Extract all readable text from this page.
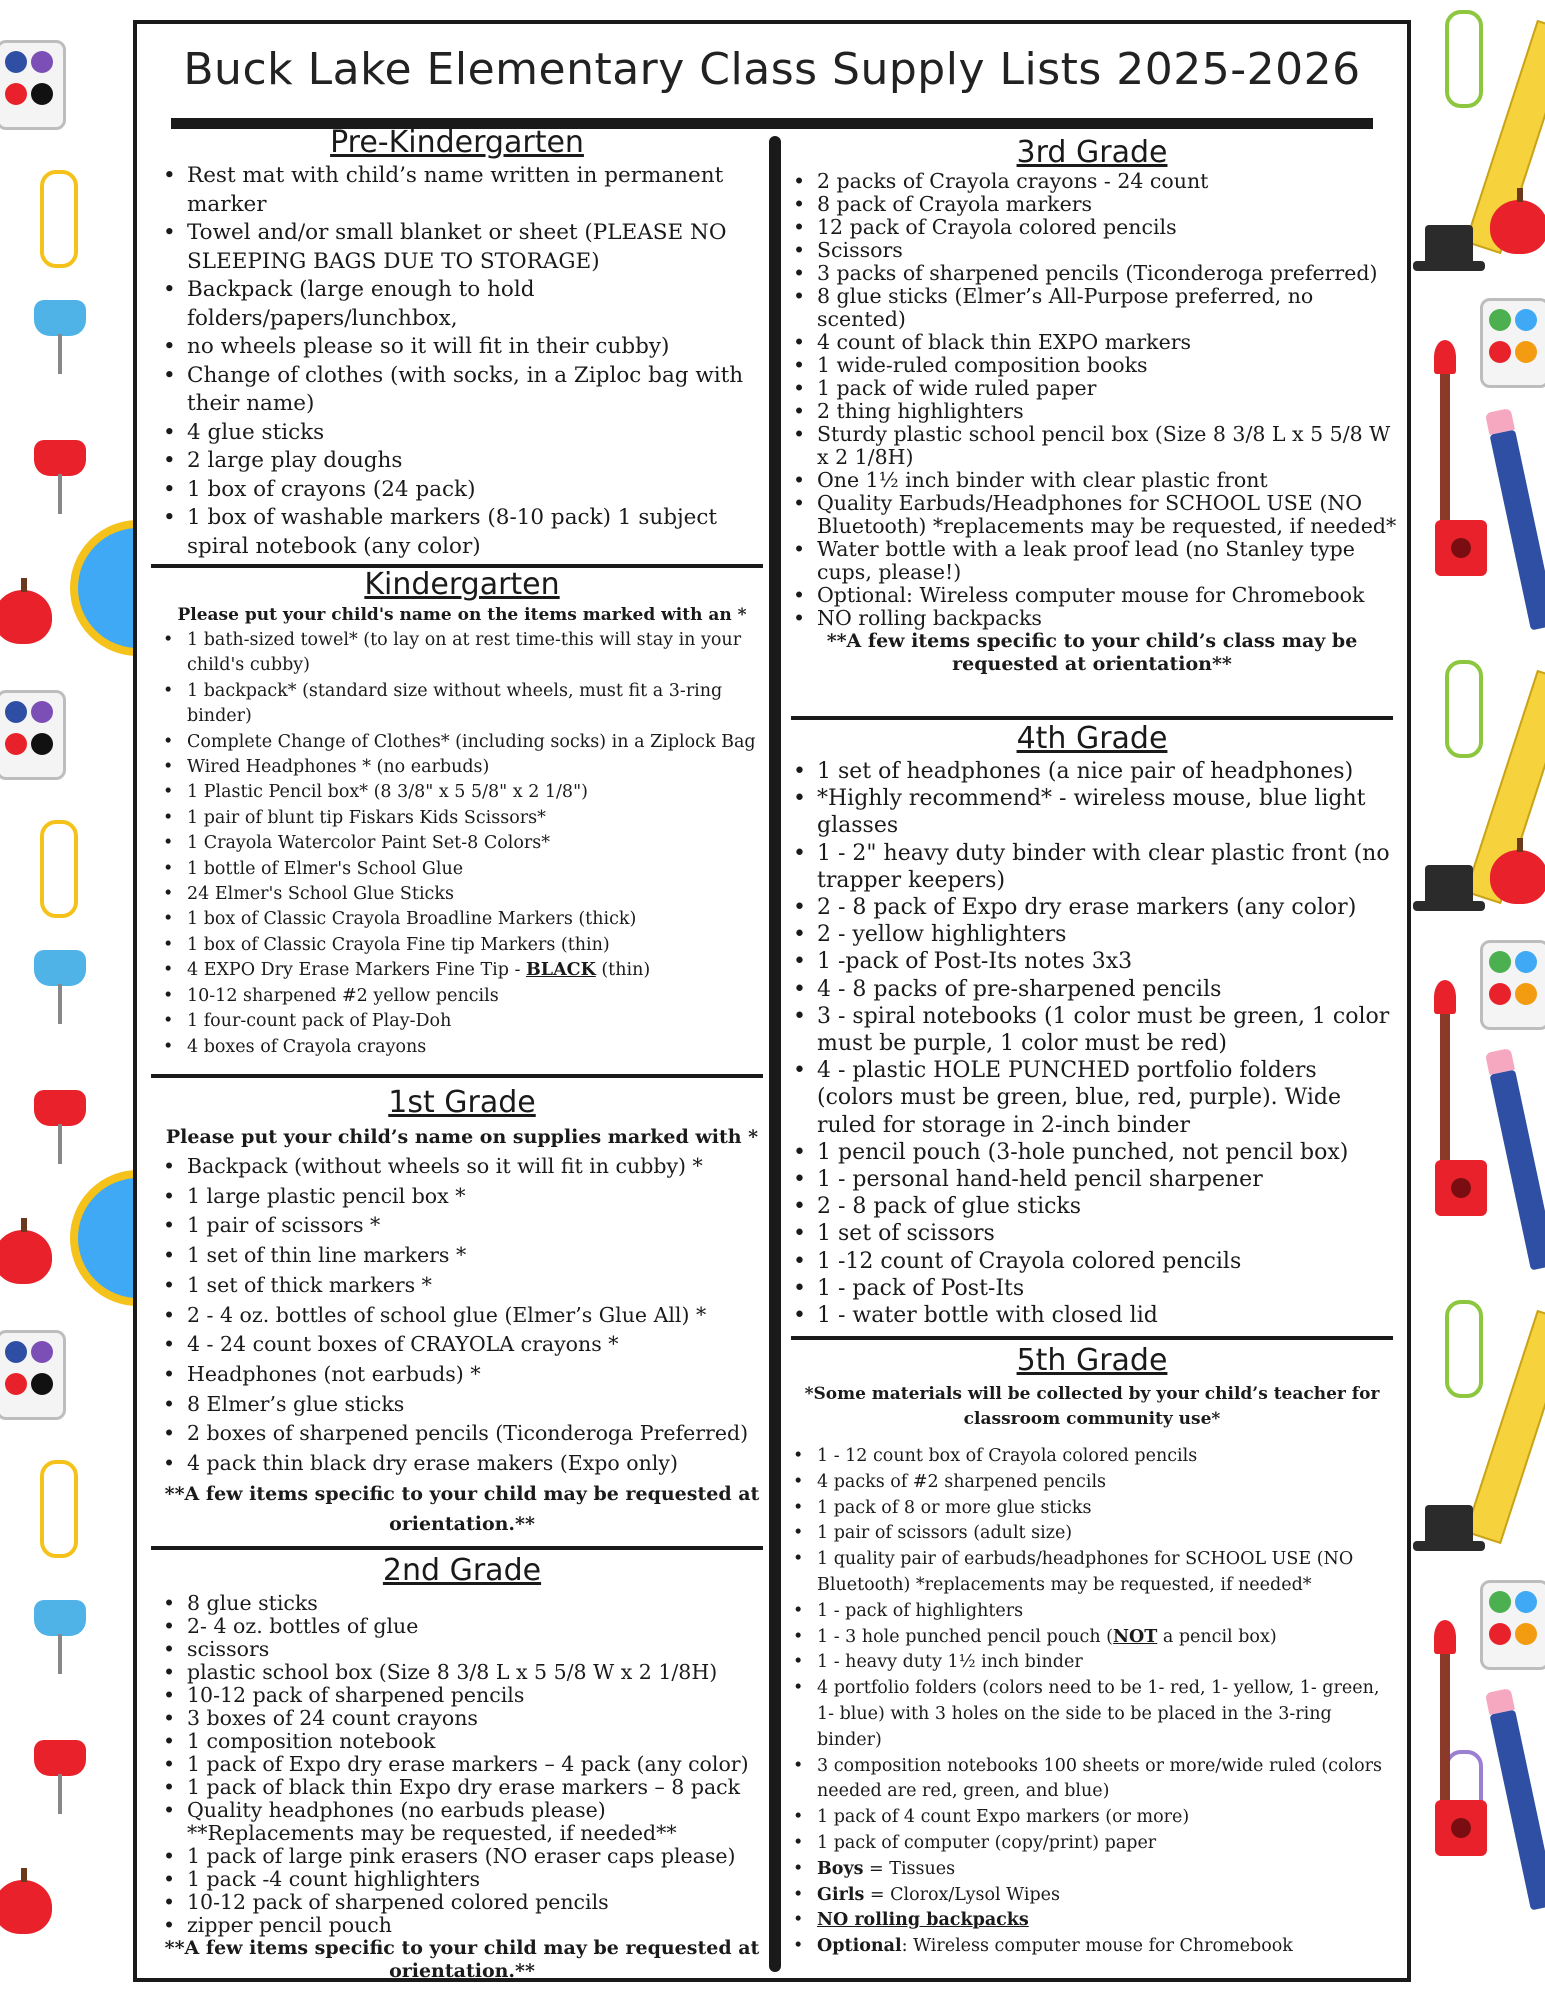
Buck Lake Elementary Class Supply Lists 2025-2026
Pre-Kindergarten
• Rest mat with child’s name written in permanent marker
• Towel and/or small blanket or sheet (PLEASE NO SLEEPING BAGS DUE TO STORAGE)
• Backpack (large enough to hold folders/papers/lunchbox,
• no wheels please so it will fit in their cubby)
• Change of clothes (with socks, in a Ziploc bag with their name)
• 4 glue sticks
• 2 large play doughs
• 1 box of crayons (24 pack)
• 1 box of washable markers (8-10 pack) 1 subject spiral notebook (any color)
Kindergarten

Please put your child's name on the items marked with an *

• 1 bath-sized towel* (to lay on at rest time-this will stay in your child's cubby)
• 1 backpack* (standard size without wheels, must fit a 3-ring binder)
• Complete Change of Clothes* (including socks) in a Ziplock Bag
• Wired Headphones * (no earbuds)
• 1 Plastic Pencil box* (8 3/8" x 5 5/8" x 2 1/8")
• 1 pair of blunt tip Fiskars Kids Scissors*
• 1 Crayola Watercolor Paint Set-8 Colors*
• 1 bottle of Elmer's School Glue
• 24 Elmer's School Glue Sticks
• 1 box of Classic Crayola Broadline Markers (thick)
• 1 box of Classic Crayola Fine tip Markers (thin)
• 4 EXPO Dry Erase Markers Fine Tip - BLACK (thin)
• 10-12 sharpened #2 yellow pencils
• 1 four-count pack of Play-Doh
• 4 boxes of Crayola crayons
1st Grade

Please put your child’s name on supplies marked with *

• Backpack (without wheels so it will fit in cubby) *
• 1 large plastic pencil box *
• 1 pair of scissors *
• 1 set of thin line markers *
• 1 set of thick markers *
• 2 - 4 oz. bottles of school glue (Elmer’s Glue All) *
• 4 - 24 count boxes of CRAYOLA crayons *
• Headphones (not earbuds) *
• 8 Elmer’s glue sticks
• 2 boxes of sharpened pencils (Ticonderoga Preferred)
• 4 pack thin black dry erase makers (Expo only)

**A few items specific to your child may be requested at orientation.**

2nd Grade
• 8 glue sticks
• 2- 4 oz. bottles of glue
• scissors
• plastic school box (Size 8 3/8 L x 5 5/8 W x 2 1/8H)
• 10-12 pack of sharpened pencils
• 3 boxes of 24 count crayons
• 1 composition notebook
• 1 pack of Expo dry erase markers – 4 pack (any color)
• 1 pack of black thin Expo dry erase markers – 8 pack
• Quality headphones (no earbuds please) **Replacements may be requested, if needed**
• 1 pack of large pink erasers (NO eraser caps please)
• 1 pack -4 count highlighters
• 10-12 pack of sharpened colored pencils
• zipper pencil pouch

**A few items specific to your child may be requested at orientation.**

3rd Grade
• 2 packs of Crayola crayons - 24 count
• 8 pack of Crayola markers
• 12 pack of Crayola colored pencils
• Scissors
• 3 packs of sharpened pencils (Ticonderoga preferred)
• 8 glue sticks (Elmer’s All-Purpose preferred, no scented)
• 4 count of black thin EXPO markers
• 1 wide-ruled composition books
• 1 pack of wide ruled paper
• 2 thing highlighters
• Sturdy plastic school pencil box (Size 8 3/8 L x 5 5/8 W x 2 1/8H)
• One 1½ inch binder with clear plastic front
• Quality Earbuds/Headphones for SCHOOL USE (NO Bluetooth) *replacements may be requested, if needed*
• Water bottle with a leak proof lead (no Stanley type cups, please!)
• Optional: Wireless computer mouse for Chromebook
• NO rolling backpacks

**A few items specific to your child’s class may be requested at orientation**

4th Grade
• 1 set of headphones (a nice pair of headphones)
• *Highly recommend* - wireless mouse, blue light glasses
• 1 - 2" heavy duty binder with clear plastic front (no trapper keepers)
• 2 - 8 pack of Expo dry erase markers (any color)
• 2 - yellow highlighters
• 1 -pack of Post-Its notes 3x3
• 4 - 8 packs of pre-sharpened pencils
• 3 - spiral notebooks (1 color must be green, 1 color must be purple, 1 color must be red)
• 4 - plastic HOLE PUNCHED portfolio folders (colors must be green, blue, red, purple). Wide ruled for storage in 2-inch binder
• 1 pencil pouch (3-hole punched, not pencil box)
• 1 - personal hand-held pencil sharpener
• 2 - 8 pack of glue sticks
• 1 set of scissors
• 1 -12 count of Crayola colored pencils
• 1 - pack of Post-Its
• 1 - water bottle with closed lid
5th Grade

*Some materials will be collected by your child’s teacher for classroom community use*

• 1 - 12 count box of Crayola colored pencils
• 4 packs of #2 sharpened pencils
• 1 pack of 8 or more glue sticks
• 1 pair of scissors (adult size)
• 1 quality pair of earbuds/headphones for SCHOOL USE (NO Bluetooth) *replacements may be requested, if needed*
• 1 - pack of highlighters
• 1 - 3 hole punched pencil pouch (NOT a pencil box)
• 1 - heavy duty 1½ inch binder
• 4 portfolio folders (colors need to be 1- red, 1- yellow, 1- green, 1- blue) with 3 holes on the side to be placed in the 3-ring binder)
• 3 composition notebooks 100 sheets or more/wide ruled (colors needed are red, green, and blue)
• 1 pack of 4 count Expo markers (or more)
• 1 pack of computer (copy/print) paper
• Boys = Tissues
• Girls = Clorox/Lysol Wipes
• NO rolling backpacks
• Optional: Wireless computer mouse for Chromebook
